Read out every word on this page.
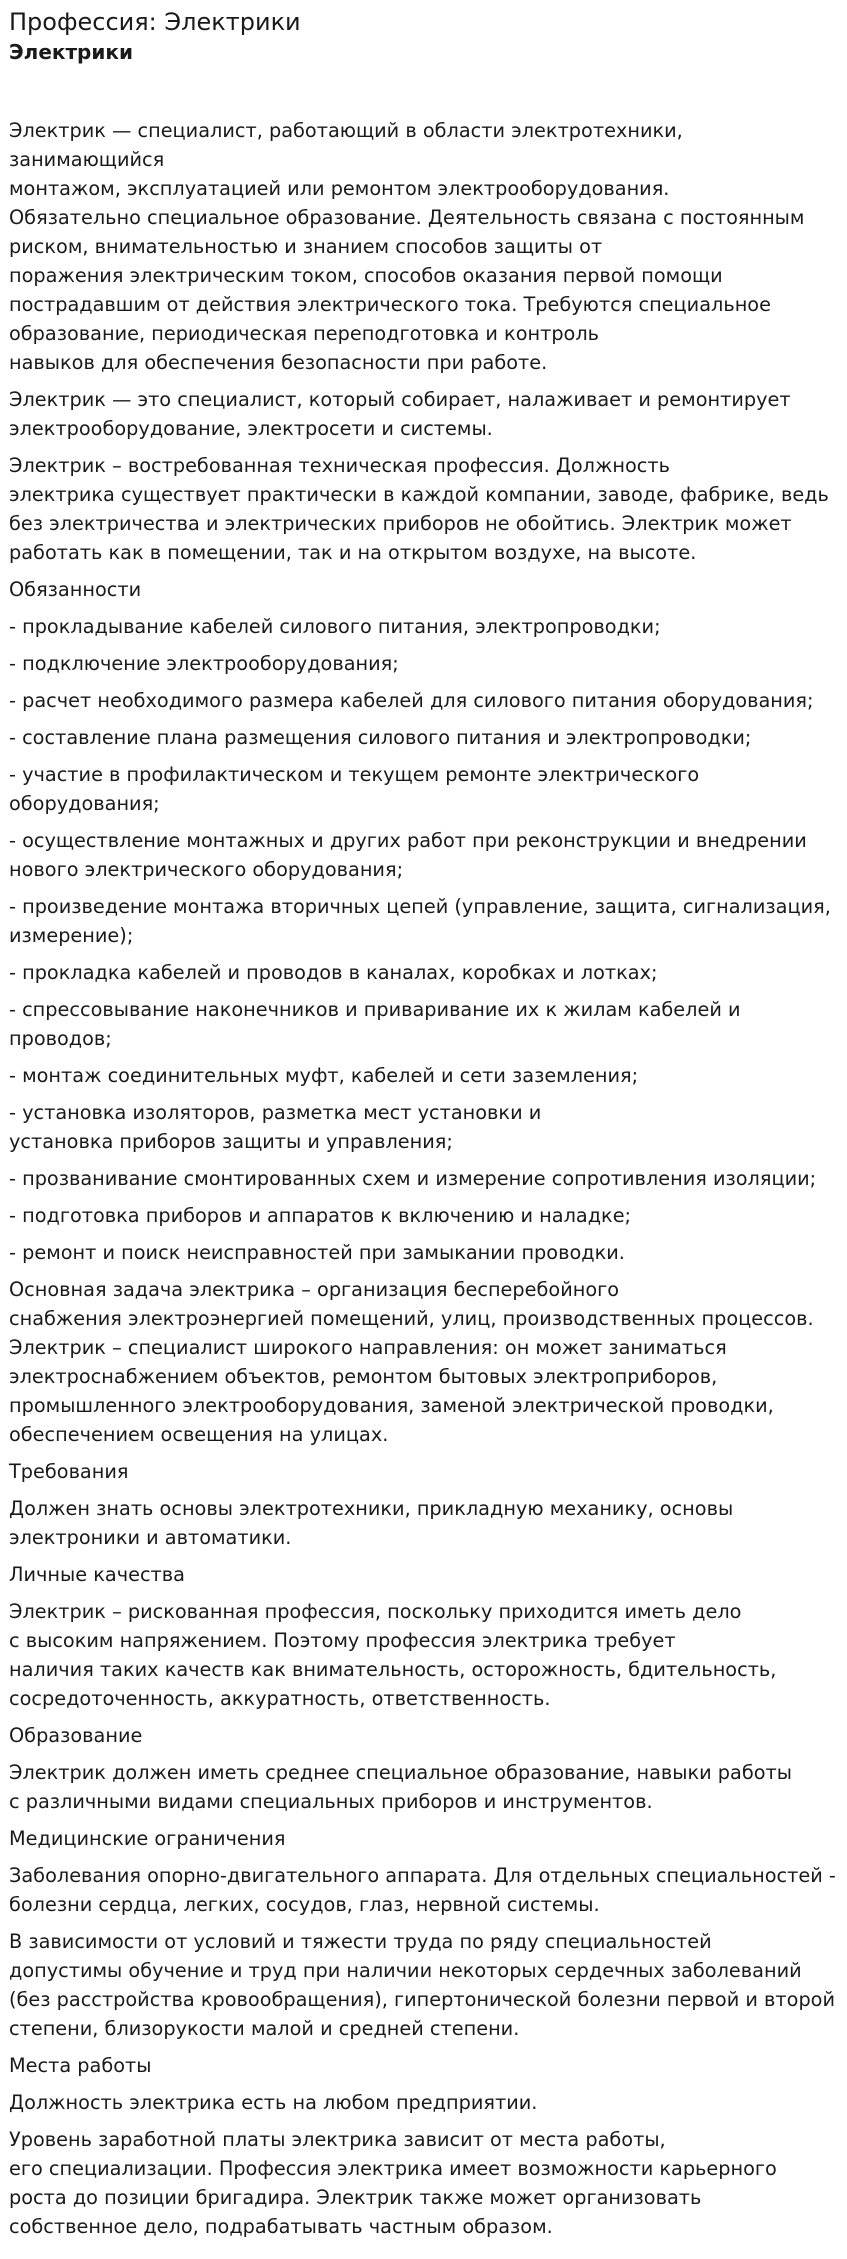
Профессия: Электрики
Электрики

Электрик — специалист, работающий в области электротехники, занимающийся
монтажом, эксплуатацией или ремонтом электрооборудования.
Обязательно специальное образование. Деятельность связана с постоянным
риском, внимательностью и знанием способов защиты от
поражения электрическим током, способов оказания первой помощи
пострадавшим от действия электрического тока. Требуются специальное
образование, периодическая переподготовка и контроль
навыков для обеспечения безопасности при работе.

Электрик — это специалист, который собирает, налаживает и ремонтирует
электрооборудование, электросети и системы.

Электрик – востребованная техническая профессия. Должность
электрика существует практически в каждой компании, заводе, фабрике, ведь
без электричества и электрических приборов не обойтись. Электрик может
работать как в помещении, так и на открытом воздухе, на высоте.

Обязанности

- прокладывание кабелей силового питания, электропроводки;

- подключение электрооборудования;

- расчет необходимого размера кабелей для силового питания оборудования;

- составление плана размещения силового питания и электропроводки;

- участие в профилактическом и текущем ремонте электрического
оборудования;

- осуществление монтажных и других работ при реконструкции и внедрении
нового электрического оборудования;

- произведение монтажа вторичных цепей (управление, защита, сигнализация,
измерение);

- прокладка кабелей и проводов в каналах, коробках и лотках;

- спрессовывание наконечников и приваривание их к жилам кабелей и проводов;

- монтаж соединительных муфт, кабелей и сети заземления;

- установка изоляторов, разметка мест установки и
установка приборов защиты и управления;

- прозванивание смонтированных схем и измерение сопротивления изоляции;

- подготовка приборов и аппаратов к включению и наладке;

- ремонт и поиск неисправностей при замыкании проводки.

Основная задача электрика – организация бесперебойного
снабжения электроэнергией помещений, улиц, производственных процессов.
Электрик – специалист широкого направления: он может заниматься
электроснабжением объектов, ремонтом бытовых электроприборов,
промышленного электрооборудования, заменой электрической проводки,
обеспечением освещения на улицах.

Требования

Должен знать основы электротехники, прикладную механику, основы
электроники и автоматики.

Личные качества

Электрик – рискованная профессия, поскольку приходится иметь дело
с высоким напряжением. Поэтому профессия электрика требует
наличия таких качеств как внимательность, осторожность, бдительность,
сосредоточенность, аккуратность, ответственность.

Образование

Электрик должен иметь среднее специальное образование, навыки работы
с различными видами специальных приборов и инструментов.

Медицинские ограничения

Заболевания опорно-двигательного аппарата. Для отдельных специальностей -
болезни сердца, легких, сосудов, глаз, нервной системы.

В зависимости от условий и тяжести труда по ряду специальностей
допустимы обучение и труд при наличии некоторых сердечных заболеваний
(без расстройства кровообращения), гипертонической болезни первой и второй
степени, близорукости малой и средней степени.

Места работы

Должность электрика есть на любом предприятии.

Уровень заработной платы электрика зависит от места работы,
его специализации. Профессия электрика имеет возможности карьерного
роста до позиции бригадира. Электрик также может организовать
собственное дело, подрабатывать частным образом.
